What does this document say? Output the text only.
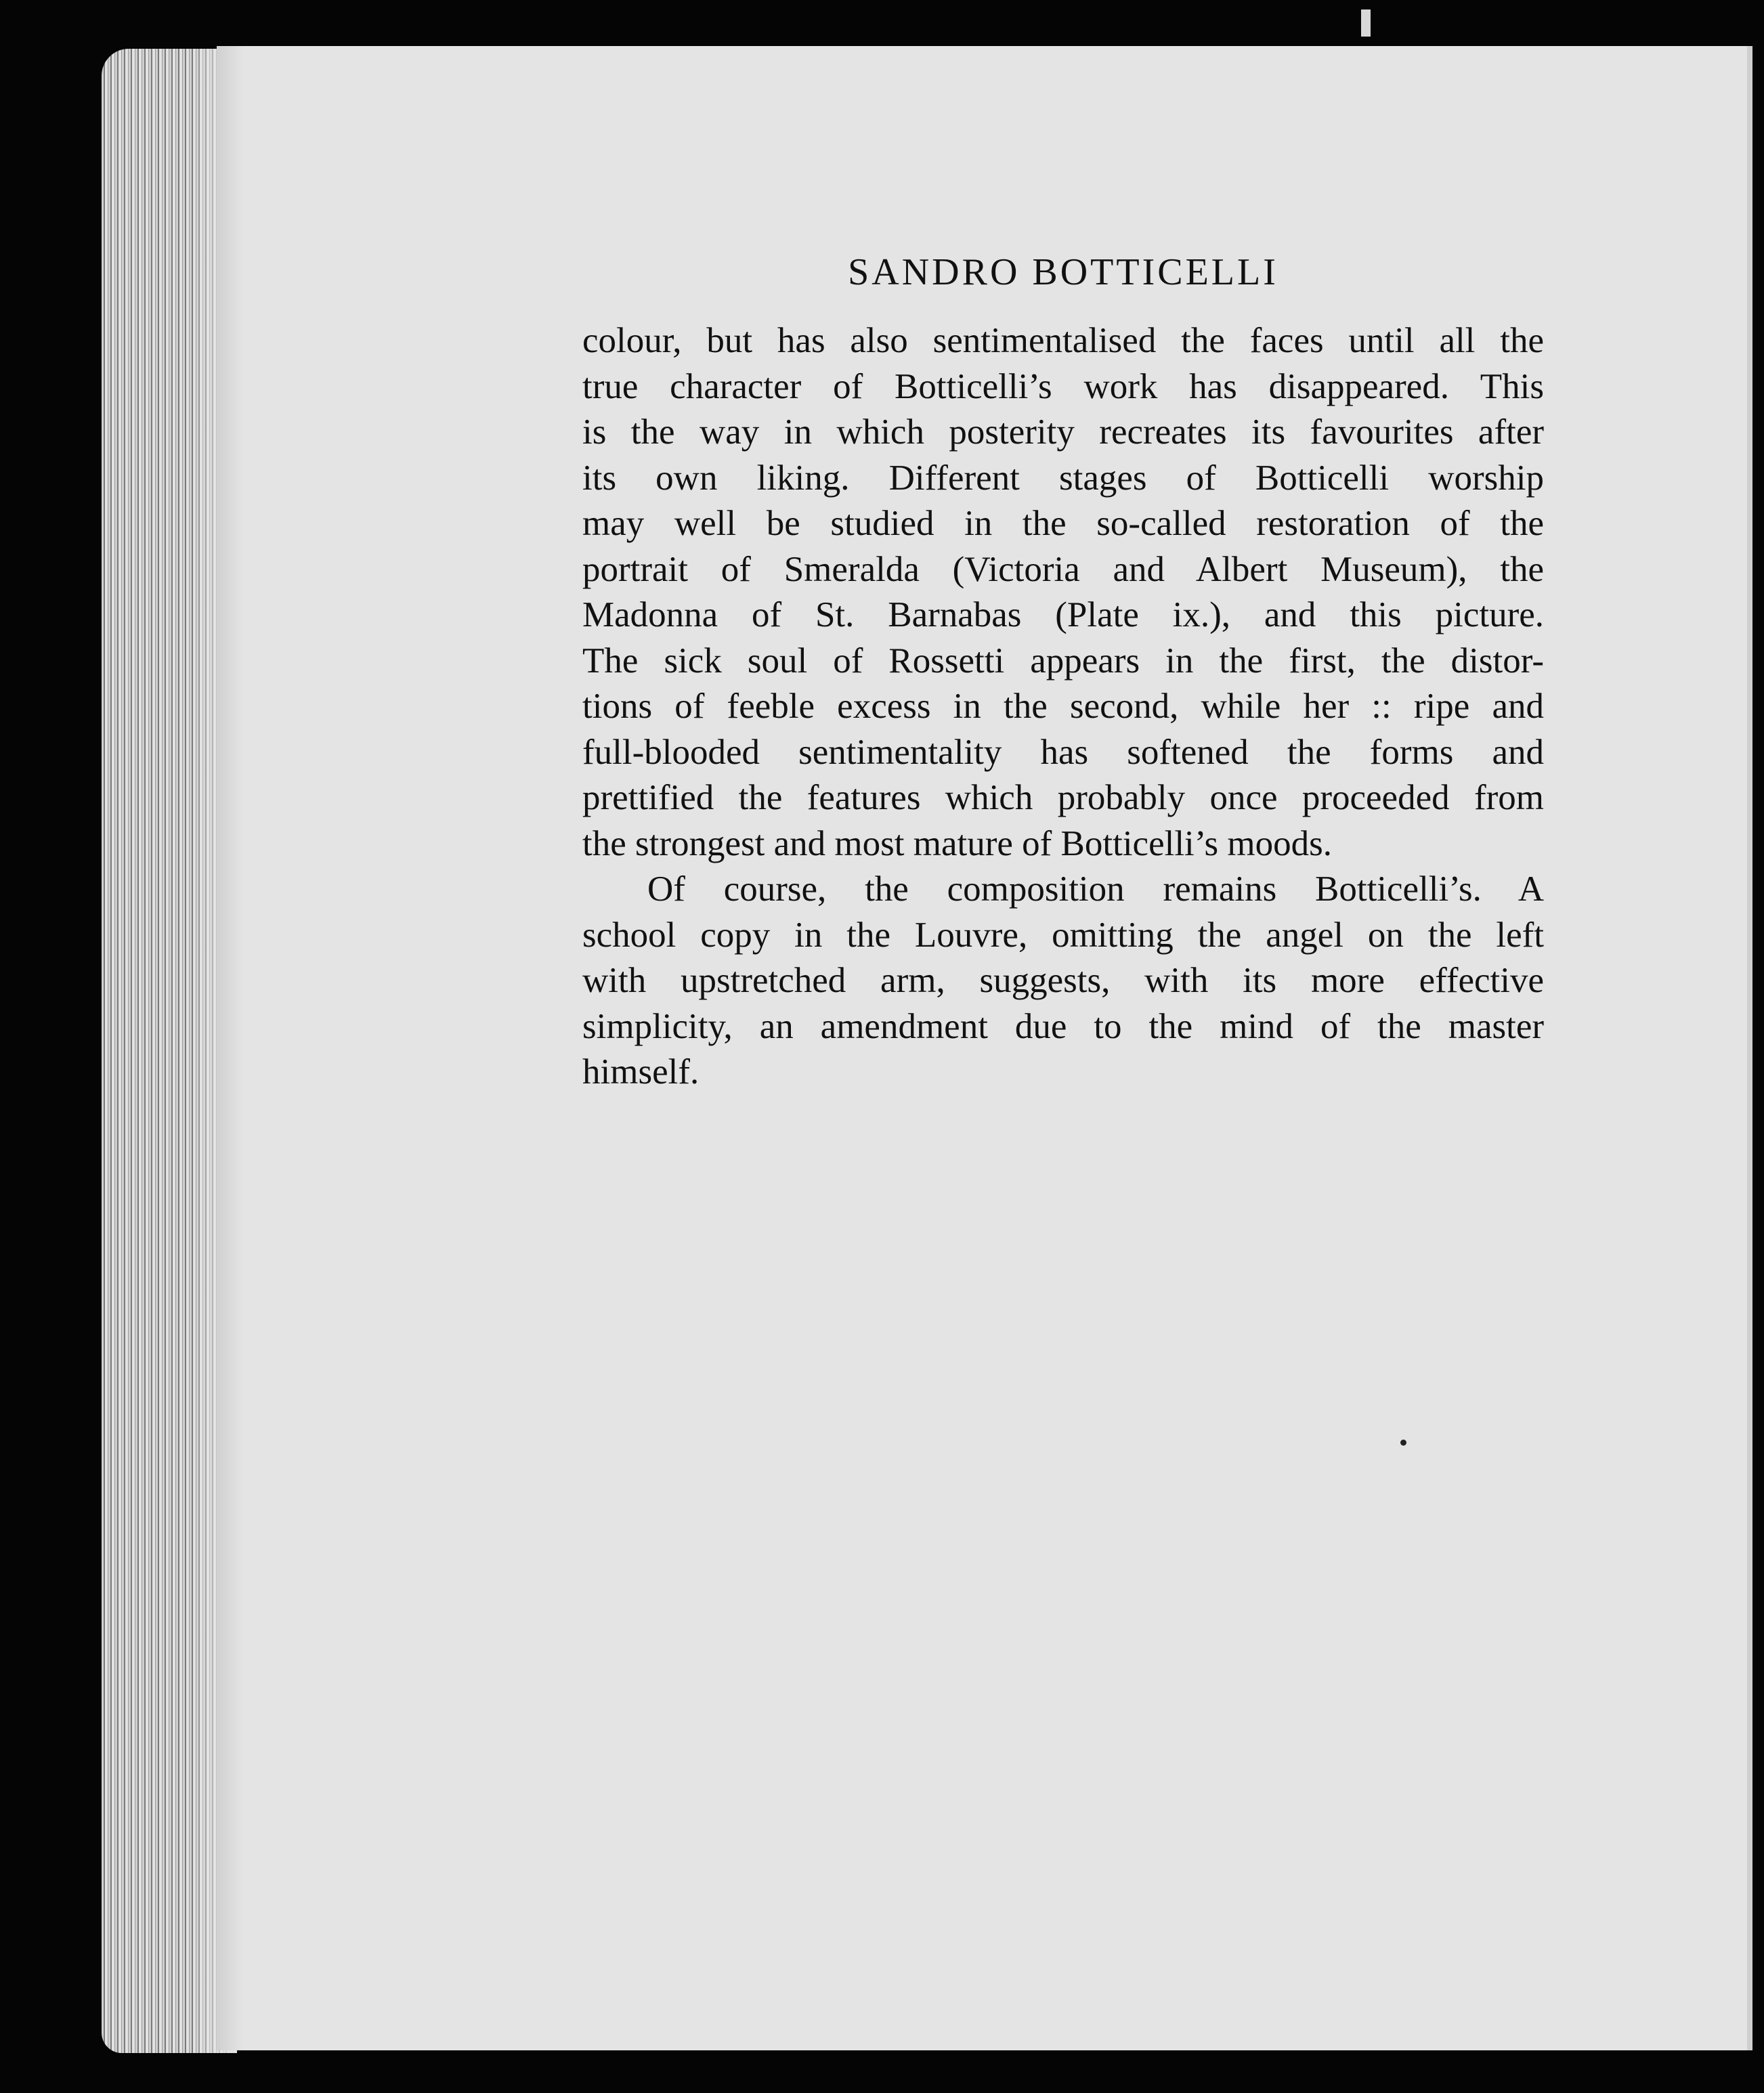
SANDRO BOTTICELLI
colour, but has also sentimentalised the faces until all the
true character of Botticelli’s work has disappeared. This
is the way in which posterity recreates its favourites after
its own liking. Different stages of Botticelli worship
may well be studied in the so-called restoration of the
portrait of Smeralda (Victoria and Albert Museum), the
Madonna of St. Barnabas (Plate ix.), and this picture.
The sick soul of Rossetti appears in the first, the distor-
tions of feeble excess in the second, while her :: ripe and
full-blooded sentimentality has softened the forms and
prettified the features which probably once proceeded from
the strongest and most mature of Botticelli’s moods.
Of course, the composition remains Botticelli’s. A
school copy in the Louvre, omitting the angel on the left
with upstretched arm, suggests, with its more effective
simplicity, an amendment due to the mind of the master
himself.
